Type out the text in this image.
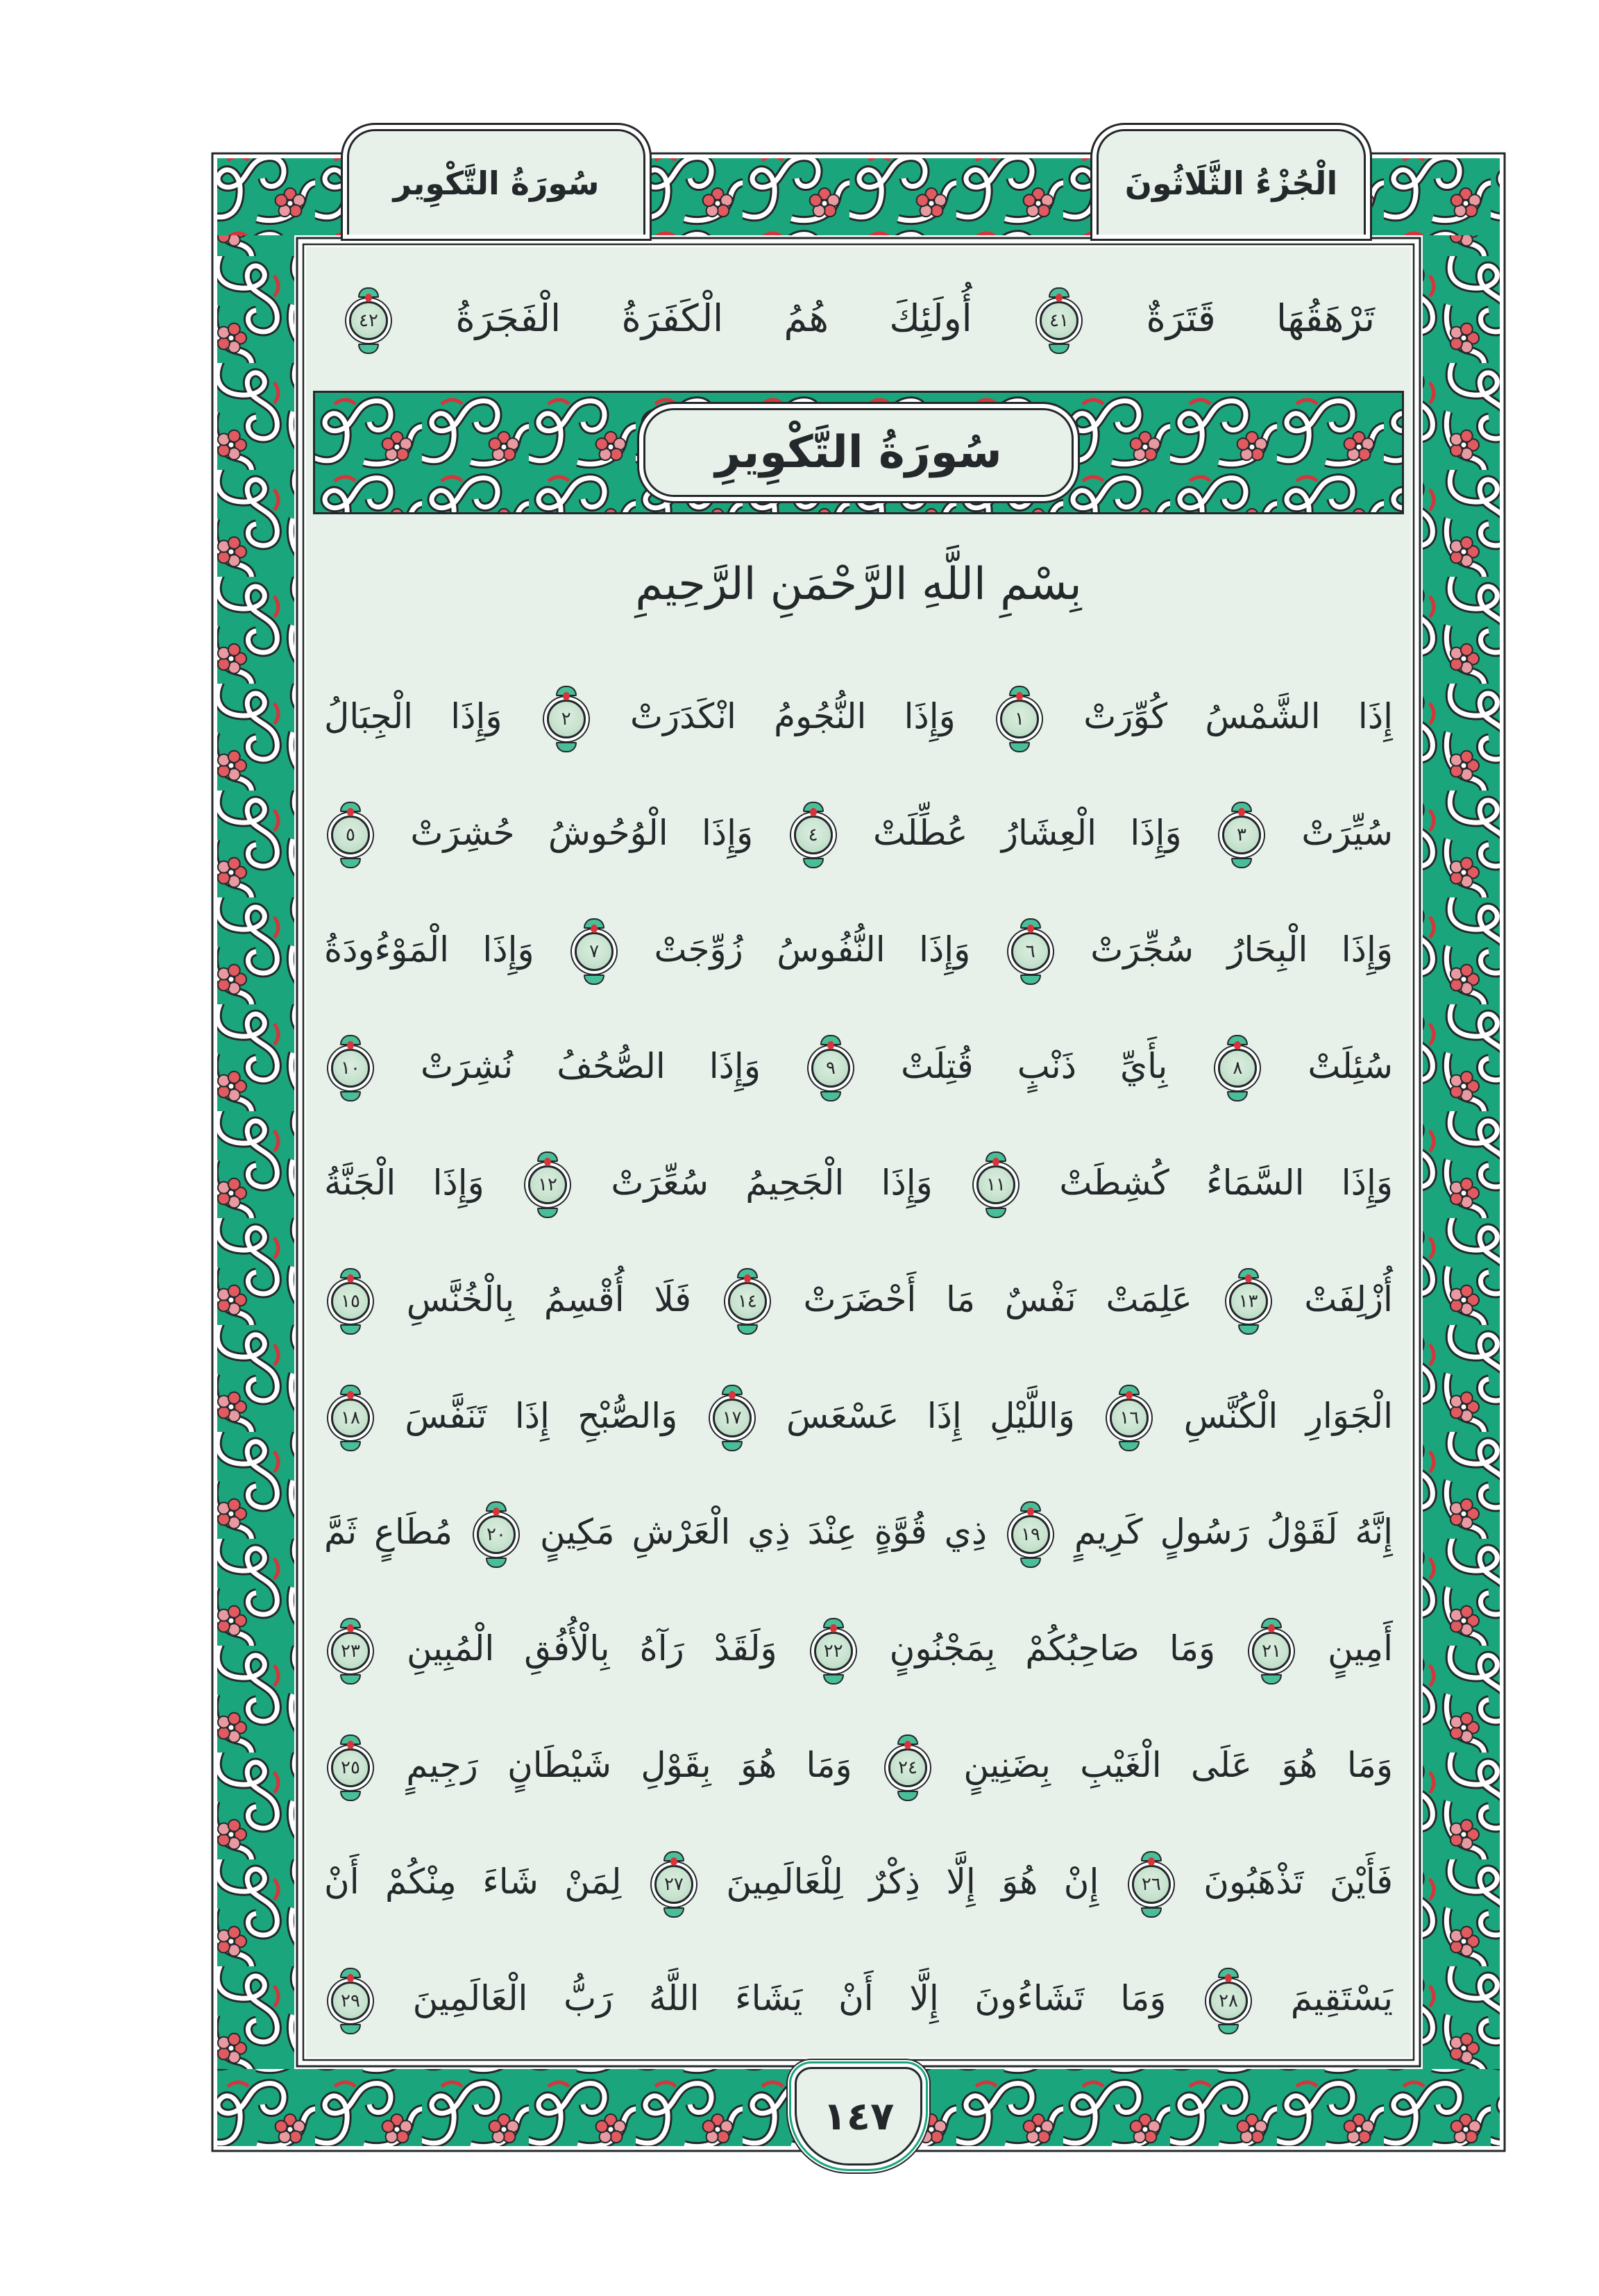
سُورَةُ التَّكْوِير	الْجُزْءُ الثَّلَاثُونَ
تَرْهَقُهَا قَتَرَةٌ
٤١
أُولَئِكَ هُمُ الْكَفَرَةُ الْفَجَرَةُ
٤٢
سُورَةُ التَّكْوِيرِ
بِسْمِ اللَّهِ الرَّحْمَنِ الرَّحِيمِ
إِذَا الشَّمْسُ كُوِّرَتْ
١
وَإِذَا النُّجُومُ انْكَدَرَتْ
٢
وَإِذَا الْجِبَالُ
سُيِّرَتْ
٣
وَإِذَا الْعِشَارُ عُطِّلَتْ
٤
وَإِذَا الْوُحُوشُ حُشِرَتْ
٥
وَإِذَا الْبِحَارُ سُجِّرَتْ
٦
وَإِذَا النُّفُوسُ زُوِّجَتْ
٧
وَإِذَا الْمَوْءُودَةُ
سُئِلَتْ
٨
بِأَيِّ ذَنْبٍ قُتِلَتْ
٩
وَإِذَا الصُّحُفُ نُشِرَتْ
١٠
وَإِذَا السَّمَاءُ كُشِطَتْ
١١
وَإِذَا الْجَحِيمُ سُعِّرَتْ
١٢
وَإِذَا الْجَنَّةُ
أُزْلِفَتْ
١٣
عَلِمَتْ نَفْسٌ مَا أَحْضَرَتْ
١٤
فَلَا أُقْسِمُ بِالْخُنَّسِ
١٥
الْجَوَارِ الْكُنَّسِ
١٦
وَاللَّيْلِ إِذَا عَسْعَسَ
١٧
وَالصُّبْحِ إِذَا تَنَفَّسَ
١٨
إِنَّهُ لَقَوْلُ رَسُولٍ كَرِيمٍ
١٩
ذِي قُوَّةٍ عِنْدَ ذِي الْعَرْشِ مَكِينٍ
٢٠
مُطَاعٍ ثَمَّ
أَمِينٍ
٢١
وَمَا صَاحِبُكُمْ بِمَجْنُونٍ
٢٢
وَلَقَدْ رَآهُ بِالْأُفُقِ الْمُبِينِ
٢٣
وَمَا هُوَ عَلَى الْغَيْبِ بِضَنِينٍ
٢٤
وَمَا هُوَ بِقَوْلِ شَيْطَانٍ رَجِيمٍ
٢٥
فَأَيْنَ تَذْهَبُونَ
٢٦
إِنْ هُوَ إِلَّا ذِكْرٌ لِلْعَالَمِينَ
٢٧
لِمَنْ شَاءَ مِنْكُمْ أَنْ
يَسْتَقِيمَ
٢٨
وَمَا تَشَاءُونَ إِلَّا أَنْ يَشَاءَ اللَّهُ رَبُّ الْعَالَمِينَ
٢٩
١٤٧
